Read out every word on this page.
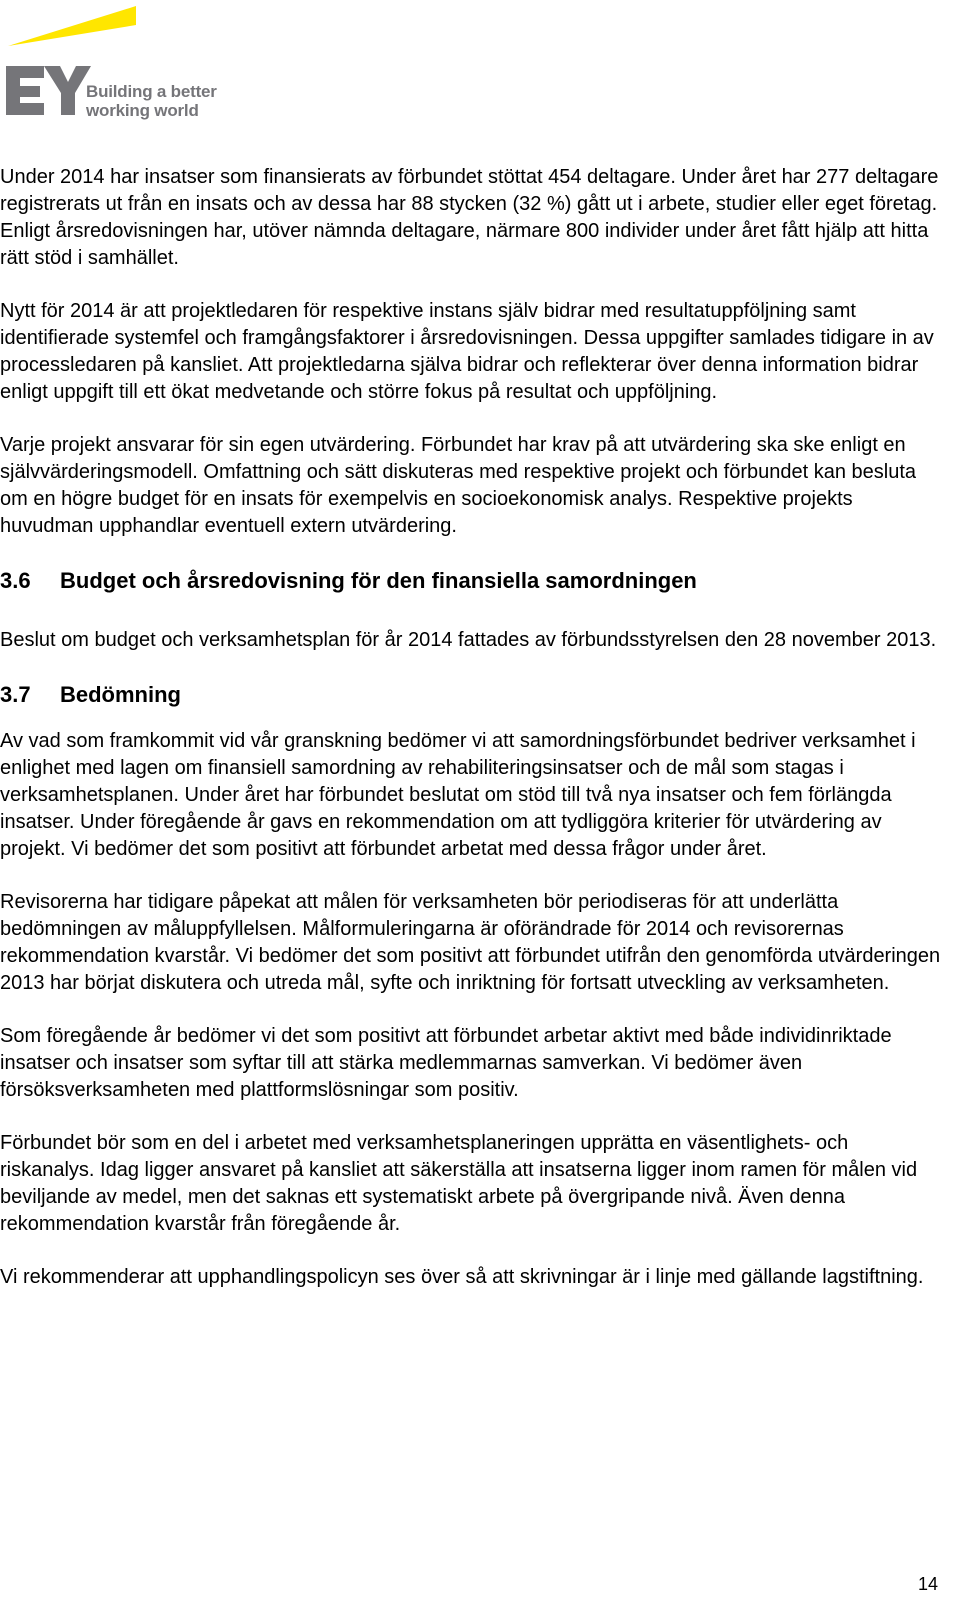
Building a better
working world

Under 2014 har insatser som finansierats av förbundet stöttat 454 deltagare. Under året har 277 deltagare registrerats ut från en insats och av dessa har 88 stycken (32 %) gått ut i arbete, studier eller eget företag. Enligt årsredovisningen har, utöver nämnda deltagare, närmare 800 individer under året fått hjälp att hitta rätt stöd i samhället.

Nytt för 2014 är att projektledaren för respektive instans själv bidrar med resultatuppföljning samt identifierade systemfel och framgångsfaktorer i årsredovisningen. Dessa uppgifter samlades tidigare in av processledaren på kansliet. Att projektledarna själva bidrar och reflekterar över denna information bidrar enligt uppgift till ett ökat medvetande och större fokus på resultat och uppföljning.

Varje projekt ansvarar för sin egen utvärdering. Förbundet har krav på att utvärdering ska ske enligt en självvärderingsmodell. Omfattning och sätt diskuteras med respektive projekt och förbundet kan besluta om en högre budget för en insats för exempelvis en socioekonomisk analys. Respektive projekts huvudman upphandlar eventuell extern utvärdering.

3.6 Budget och årsredovisning för den finansiella samordningen

Beslut om budget och verksamhetsplan för år 2014 fattades av förbundsstyrelsen den 28 november 2013.

3.7 Bedömning

Av vad som framkommit vid vår granskning bedömer vi att samordningsförbundet bedriver verksamhet i enlighet med lagen om finansiell samordning av rehabiliteringsinsatser och de mål som stagas i verksamhetsplanen. Under året har förbundet beslutat om stöd till två nya insatser och fem förlängda insatser. Under föregående år gavs en rekommendation om att tydliggöra kriterier för utvärdering av projekt. Vi bedömer det som positivt att förbundet arbetat med dessa frågor under året.

Revisorerna har tidigare påpekat att målen för verksamheten bör periodiseras för att underlätta bedömningen av måluppfyllelsen. Målformuleringarna är oförändrade för 2014 och revisorernas rekommendation kvarstår. Vi bedömer det som positivt att förbundet utifrån den genomförda utvärderingen 2013 har börjat diskutera och utreda mål, syfte och inriktning för fortsatt utveckling av verksamheten.

Som föregående år bedömer vi det som positivt att förbundet arbetar aktivt med både individinriktade insatser och insatser som syftar till att stärka medlemmarnas samverkan. Vi bedömer även försöksverksamheten med plattformslösningar som positiv.

Förbundet bör som en del i arbetet med verksamhetsplaneringen upprätta en väsentlighets- och riskanalys. Idag ligger ansvaret på kansliet att säkerställa att insatserna ligger inom ramen för målen vid beviljande av medel, men det saknas ett systematiskt arbete på övergripande nivå. Även denna rekommendation kvarstår från föregående år.

Vi rekommenderar att upphandlingspolicyn ses över så att skrivningar är i linje med gällande lagstiftning.

14
